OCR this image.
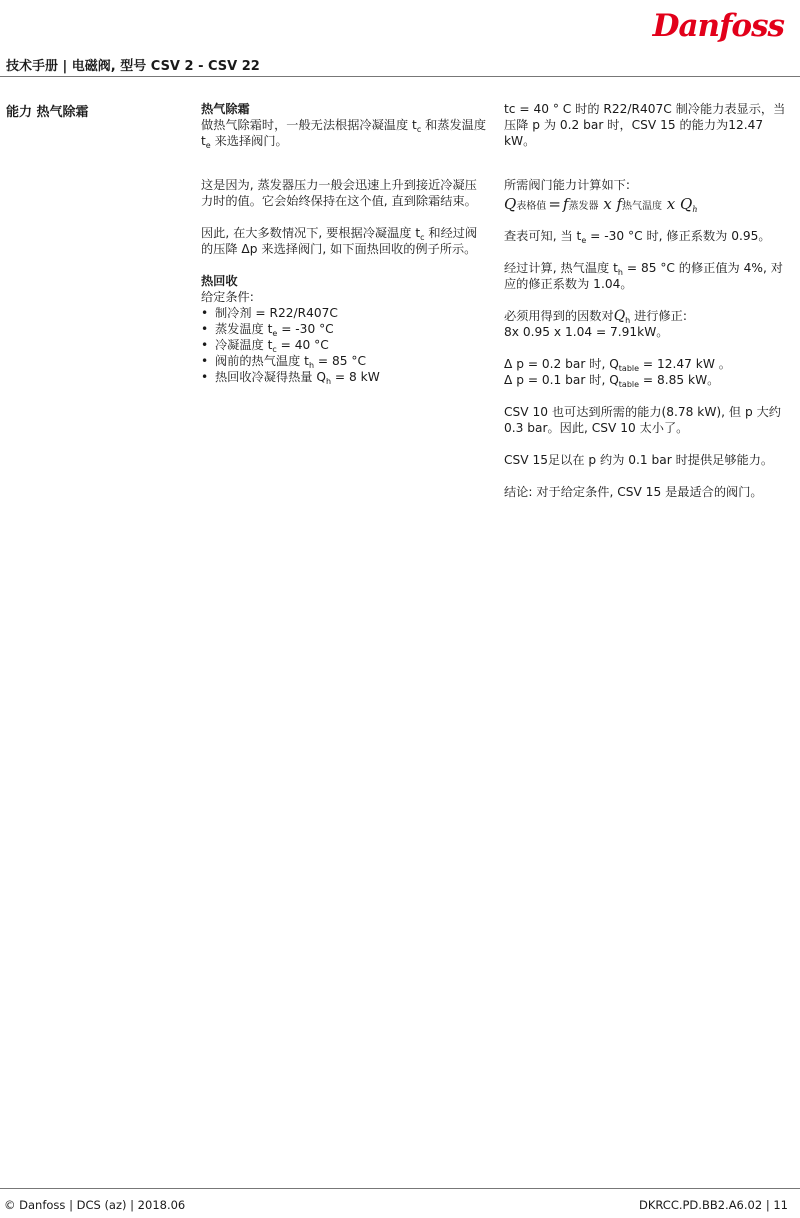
Danfoss
技术手册 | 电磁阀, 型号 CSV 2 - CSV 22
能力 热气除霜	热气除霜

做热气除霜时，一般无法根据冷凝温度 $t_c$ 和蒸发温度 $t_e$ 来选择阀门。

这是因为, 蒸发器压力一般会迅速上升到接近冷凝压力时的值。它会始终保持在这个值, 直到除霜结束。

因此, 在大多数情况下, 要根据冷凝温度 $t_c$ 和经过阀的压降 Δp 来选择阀门, 如下面热回收的例子所示。

热回收

给定条件:

• 制冷剂 = R22/R407C
• 蒸发温度 $t_e = -30$ °C
• 冷凝温度 $t_c = 40$ °C
• 阀前的热气温度 $t_h = 85$ °C
• 热回收冷凝得热量 $Q_h = 8$ kW

tc = 40 ° C 时的 R22/R407C 制冷能力表显示，当压降 p 为 0.2 bar 时，CSV 15 的能力为12.47 kW。

所需阀门能力计算如下:

Q表格值 = f蒸发器 x f热气温度 x $Q_h$

查表可知, 当 $t_e = -30$ °C 时, 修正系数为 0.95。

经过计算, 热气温度 $t_h = 85$ °C 的修正值为 4%, 对应的修正系数为 1.04。

必须用得到的因数对$Q_h$ 进行修正:

8x 0.95 x 1.04 = 7.91kW。

Δ p = 0.2 bar 时, $Q_{table} = 12.47$ kW 。

Δ p = 0.1 bar 时, $Q_{table} = 8.85$ kW。

CSV 10 也可达到所需的能力(8.78 kW), 但 p 大约 0.3 bar。因此, CSV 10 太小了。

CSV 15足以在 p 约为 0.1 bar 时提供足够能力。

结论: 对于给定条件, CSV 15 是最适合的阀门。

© Danfoss | DCS (az) | 2018.06	DKRCC.PD.BB2.A6.02 | 11
